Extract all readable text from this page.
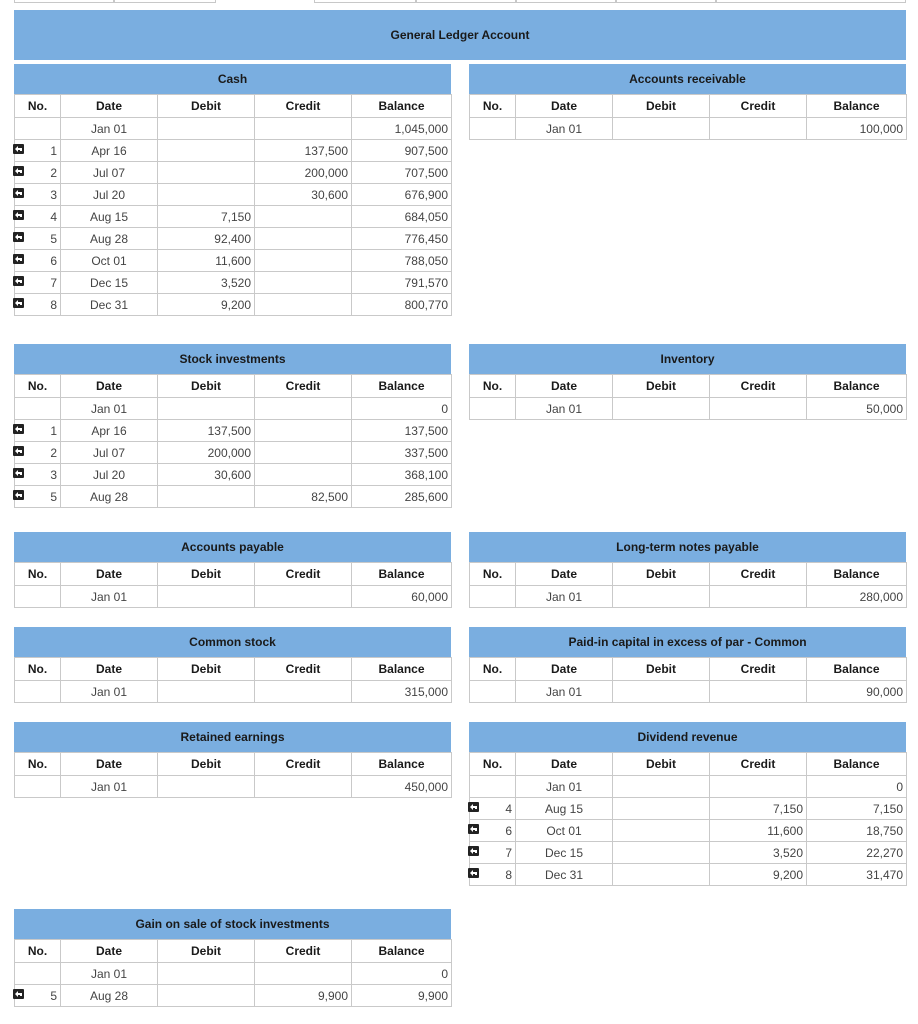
General Ledger Account
Cash
No.	Date	Debit	Credit	Balance
	Jan 01			1,045,000

1	Apr 16		137,500	907,500

2	Jul 07		200,000	707,500

3	Jul 20		30,600	676,900

4	Aug 15	7,150		684,050

5	Aug 28	92,400		776,450

6	Oct 01	11,600		788,050

7	Dec 15	3,520		791,570

8	Dec 31	9,200		800,770
Accounts receivable
No.	Date	Debit	Credit	Balance
	Jan 01			100,000
Stock investments
No.	Date	Debit	Credit	Balance
	Jan 01			0

1	Apr 16	137,500		137,500

2	Jul 07	200,000		337,500

3	Jul 20	30,600		368,100

5	Aug 28		82,500	285,600
Inventory
No.	Date	Debit	Credit	Balance
	Jan 01			50,000
Accounts payable
No.	Date	Debit	Credit	Balance
	Jan 01			60,000
Long-term notes payable
No.	Date	Debit	Credit	Balance
	Jan 01			280,000
Common stock
No.	Date	Debit	Credit	Balance
	Jan 01			315,000
Paid-in capital in excess of par - Common
No.	Date	Debit	Credit	Balance
	Jan 01			90,000
Retained earnings
No.	Date	Debit	Credit	Balance
	Jan 01			450,000
Dividend revenue
No.	Date	Debit	Credit	Balance
	Jan 01			0

4	Aug 15		7,150	7,150

6	Oct 01		11,600	18,750

7	Dec 15		3,520	22,270

8	Dec 31		9,200	31,470
Gain on sale of stock investments
No.	Date	Debit	Credit	Balance
	Jan 01			0

5	Aug 28		9,900	9,900
